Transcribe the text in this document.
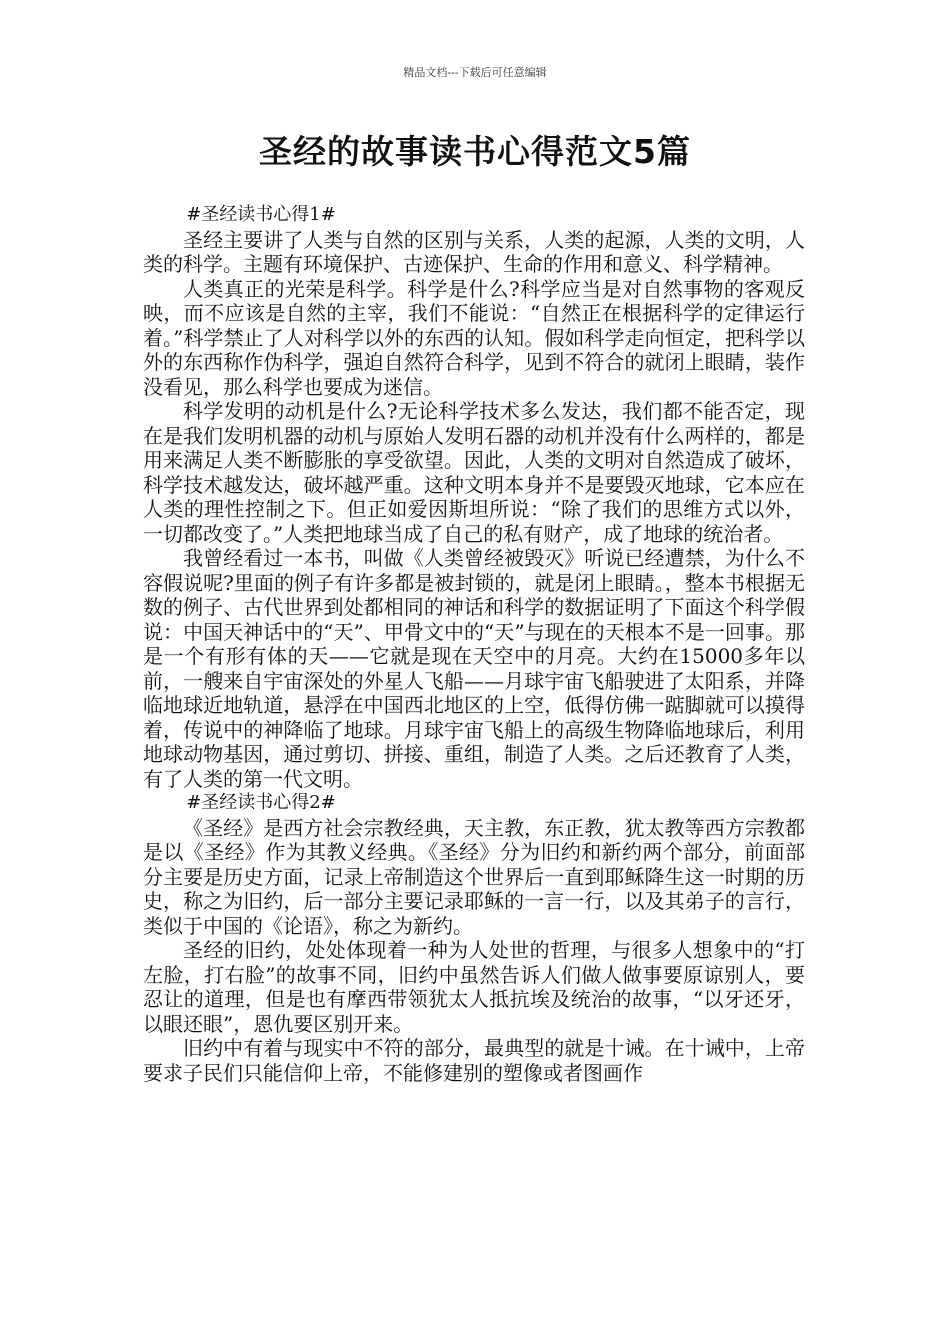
精品文档---下载后可任意编辑
圣经的故事读书心得范文5篇
#圣经读书心得1#

圣经主要讲了人类与自然的区别与关系，人类的起源，人类的文明，人类的科学。主题有环境保护、古迹保护、生命的作用和意义、科学精神。

人类真正的光荣是科学。科学是什么?科学应当是对自然事物的客观反映，而不应该是自然的主宰，我们不能说：“自然正在根据科学的定律运行着。”科学禁止了人对科学以外的东西的认知。假如科学走向恒定，把科学以外的东西称作伪科学，强迫自然符合科学，见到不符合的就闭上眼睛，装作没看见，那么科学也要成为迷信。

科学发明的动机是什么?无论科学技术多么发达，我们都不能否定，现在是我们发明机器的动机与原始人发明石器的动机并没有什么两样的，都是用来满足人类不断膨胀的享受欲望。因此，人类的文明对自然造成了破坏，科学技术越发达，破坏越严重。这种文明本身并不是要毁灭地球，它本应在人类的理性控制之下。但正如爱因斯坦所说：“除了我们的思维方式以外，一切都改变了。”人类把地球当成了自己的私有财产，成了地球的统治者。

我曾经看过一本书，叫做《人类曾经被毁灭》听说已经遭禁，为什么不容假说呢?里面的例子有许多都是被封锁的，就是闭上眼睛。，整本书根据无数的例子、古代世界到处都相同的神话和科学的数据证明了下面这个科学假说：中国天神话中的“天”、甲骨文中的“天”与现在的天根本不是一回事。那是一个有形有体的天——它就是现在天空中的月亮。大约在15000多年以前，一艘来自宇宙深处的外星人飞船——月球宇宙飞船驶进了太阳系，并降临地球近地轨道，悬浮在中国西北地区的上空，低得仿佛一踮脚就可以摸得着，传说中的神降临了地球。月球宇宙飞船上的高级生物降临地球后，利用地球动物基因，通过剪切、拼接、重组，制造了人类。之后还教育了人类，有了人类的第一代文明。

#圣经读书心得2#

《圣经》是西方社会宗教经典，天主教，东正教，犹太教等西方宗教都是以《圣经》作为其教义经典。《圣经》分为旧约和新约两个部分，前面部分主要是历史方面，记录上帝制造这个世界后一直到耶稣降生这一时期的历史，称之为旧约，后一部分主要记录耶稣的一言一行，以及其弟子的言行，类似于中国的《论语》，称之为新约。

圣经的旧约，处处体现着一种为人处世的哲理，与很多人想象中的“打左脸，打右脸”的故事不同，旧约中虽然告诉人们做人做事要原谅别人，要忍让的道理，但是也有摩西带领犹太人抵抗埃及统治的故事，“以牙还牙，以眼还眼”，恩仇要区别开来。

旧约中有着与现实中不符的部分，最典型的就是十诫。在十诫中，上帝要求子民们只能信仰上帝，不能修建别的塑像或者图画作
